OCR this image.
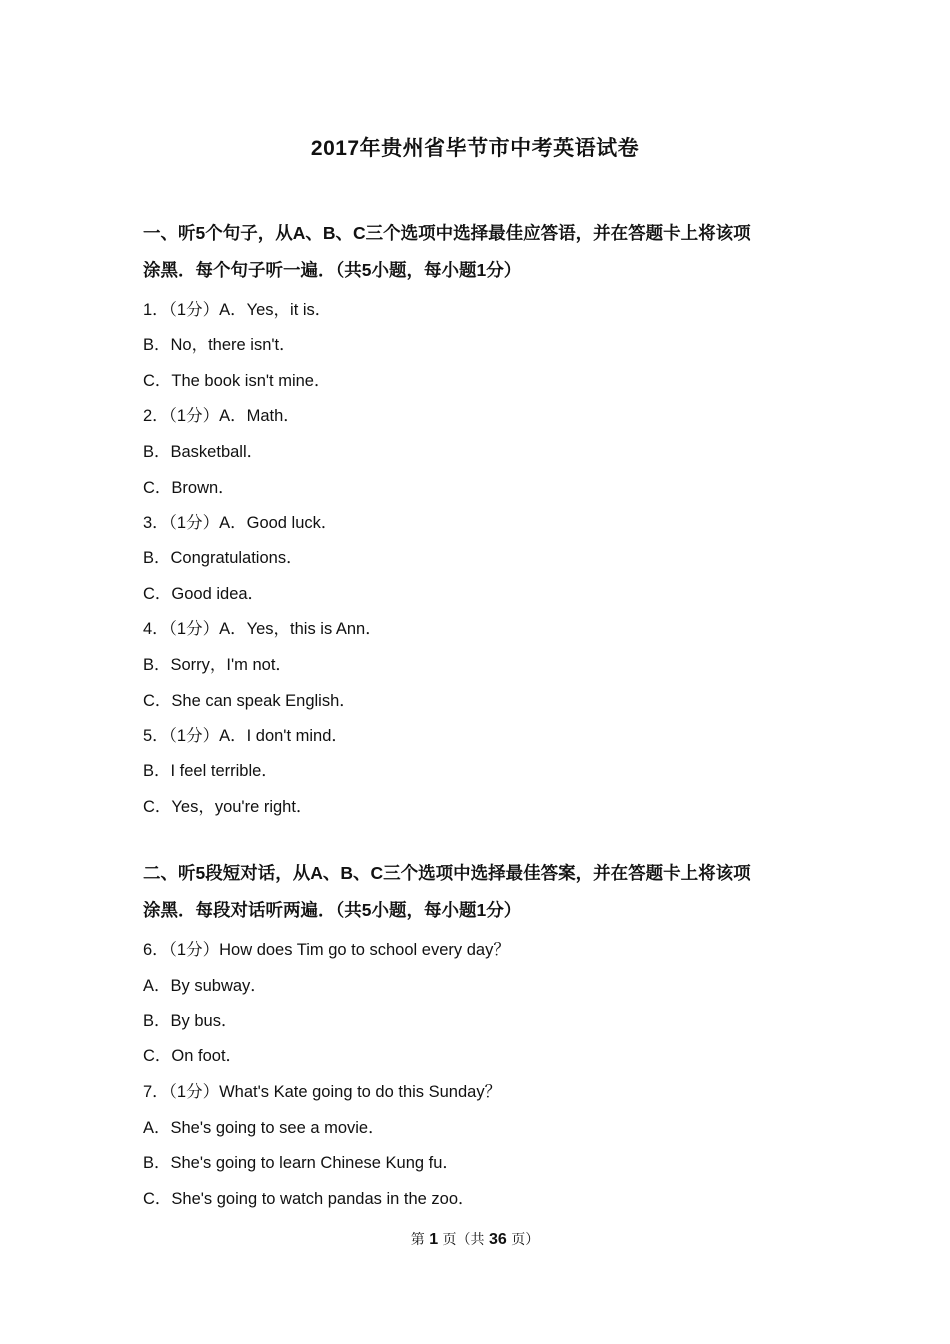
2017年贵州省毕节市中考英语试卷
一、听5个句子，从A、B、C三个选项中选择最佳应答语，并在答题卡上将该项
涂黑．每个句子听一遍．（共5小题，每小题1分）
1．（1分）A．Yes，it is．
B．No，there isn't．
C．The book isn't mine．
2．（1分）A．Math．
B．Basketball．
C．Brown．
3．（1分）A．Good luck．
B．Congratulations．
C．Good idea．
4．（1分）A．Yes，this is Ann．
B．Sorry，I'm not．
C．She can speak English．
5．（1分）A．I don't mind．
B．I feel terrible．
C．Yes，you're right．
二、听5段短对话，从A、B、C三个选项中选择最佳答案，并在答题卡上将该项
涂黑．每段对话听两遍．（共5小题，每小题1分）
6．（1分）How does Tim go to school every day？
A．By subway．
B．By bus．
C．On foot．
7．（1分）What's Kate going to do this Sunday？
A．She's going to see a movie．
B．She's going to learn Chinese Kung fu．
C．She's going to watch pandas in the zoo．
第 1 页（共 36 页）
